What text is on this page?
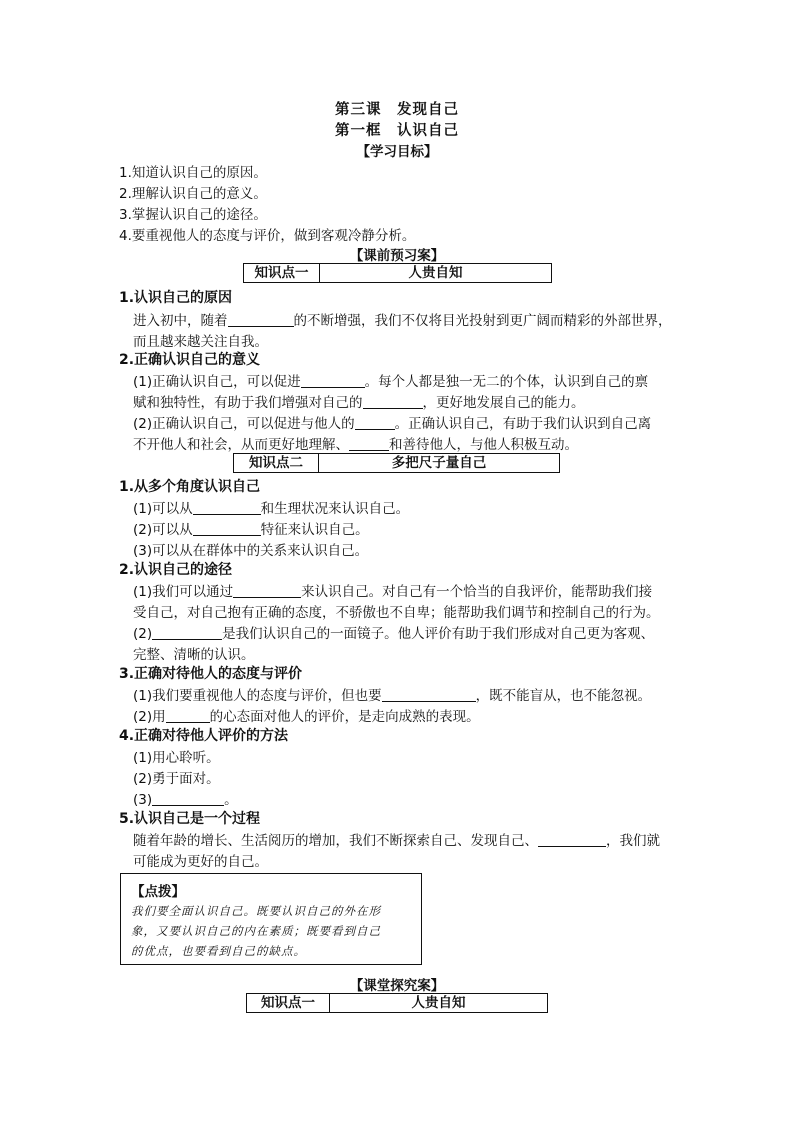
第三课　发现自己
第一框　认识自己
【学习目标】
1.知道认识自己的原因。
2.理解认识自己的意义。
3.掌握认识自己的途径。
4.要重视他人的态度与评价，做到客观冷静分析。
【课前预习案】
知识点一	人贵自知
1.认识自己的原因
进入初中，随着	的不断增强，我们不仅将目光投射到更广阔而精彩的外部世界，
而且越来越关注自我。
2.正确认识自己的意义
(1)正确认识自己，可以促进	。每个人都是独一无二的个体，认识到自己的禀
赋和独特性，有助于我们增强对自己的	，更好地发展自己的能力。
(2)正确认识自己，可以促进与他人的	。正确认识自己，有助于我们认识到自己离
不开他人和社会，从而更好地理解、	和善待他人，与他人积极互动。
知识点二	多把尺子量自己
1.从多个角度认识自己
(1)可以从	和生理状况来认识自己。
(2)可以从	特征来认识自己。
(3)可以从在群体中的关系来认识自己。
2.认识自己的途径
(1)我们可以通过	来认识自己。对自己有一个恰当的自我评价，能帮助我们接
受自己，对自己抱有正确的态度，不骄傲也不自卑；能帮助我们调节和控制自己的行为。
(2)	是我们认识自己的一面镜子。他人评价有助于我们形成对自己更为客观、
完整、清晰的认识。
3.正确对待他人的态度与评价
(1)我们要重视他人的态度与评价，但也要	，既不能盲从，也不能忽视。
(2)用	的心态面对他人的评价，是走向成熟的表现。
4.正确对待他人评价的方法
(1)用心聆听。
(2)勇于面对。
(3)	。
5.认识自己是一个过程
随着年龄的增长、生活阅历的增加，我们不断探索自己、发现自己、	，我们就
可能成为更好的自己。
【点拨】
我们要全面认识自己。既要认识自己的外在形
象，又要认识自己的内在素质；既要看到自己
的优点，也要看到自己的缺点。
【课堂探究案】
知识点一	人贵自知
